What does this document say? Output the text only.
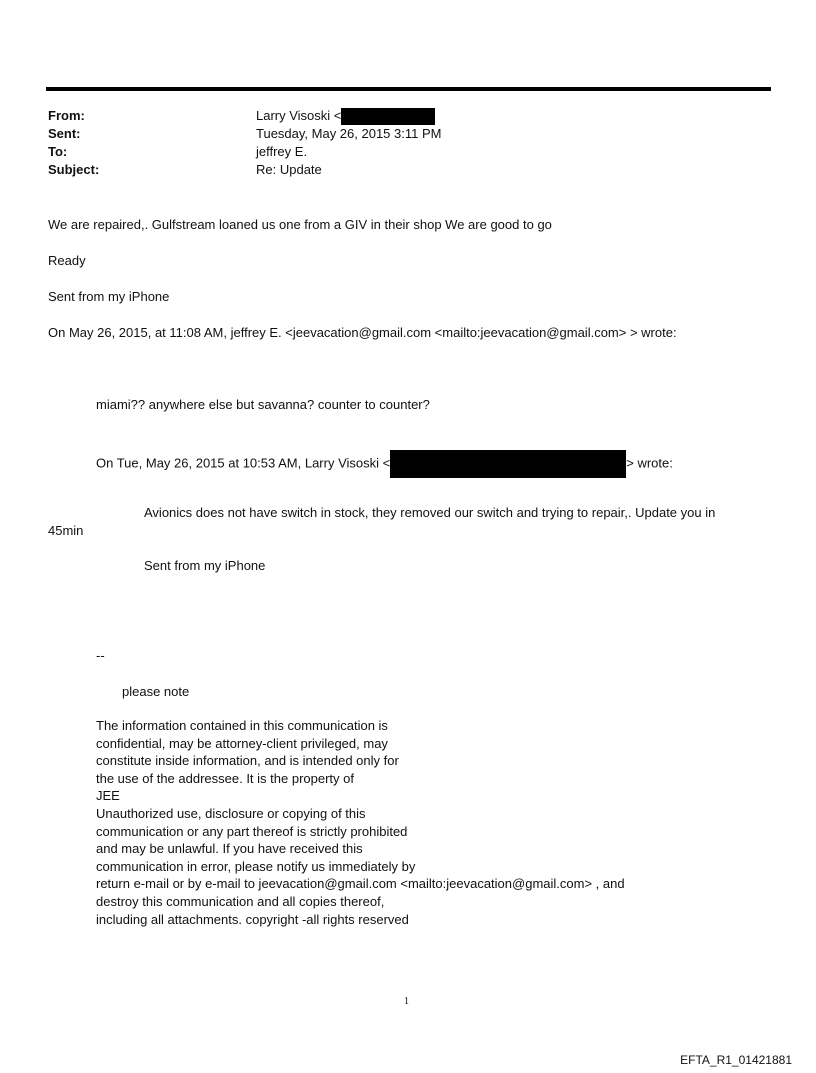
From:	Larry Visoski <
Sent:	Tuesday, May 26, 2015 3:11 PM
To:	jeffrey E.
Subject:	Re: Update
We are repaired,. Gulfstream loaned us one from a GIV in their shop We are good to go
Ready
Sent from my iPhone
On May 26, 2015, at 11:08 AM, jeffrey E. <jeevacation@gmail.com <mailto:jeevacation@gmail.com> > wrote:
miami?? anywhere else but savanna? counter to counter?
On Tue, May 26, 2015 at 10:53 AM, Larry Visoski <	> wrote:
Avionics does not have switch in stock, they removed our switch and trying to repair,. Update you in
45min
Sent from my iPhone
--
please note
The information contained in this communication is
confidential, may be attorney-client privileged, may
constitute inside information, and is intended only for
the use of the addressee. It is the property of
JEE
Unauthorized use, disclosure or copying of this
communication or any part thereof is strictly prohibited
and may be unlawful. If you have received this
communication in error, please notify us immediately by
return e-mail or by e-mail to jeevacation@gmail.com <mailto:jeevacation@gmail.com> , and
destroy this communication and all copies thereof,
including all attachments. copyright -all rights reserved
1
EFTA_R1_01421881
